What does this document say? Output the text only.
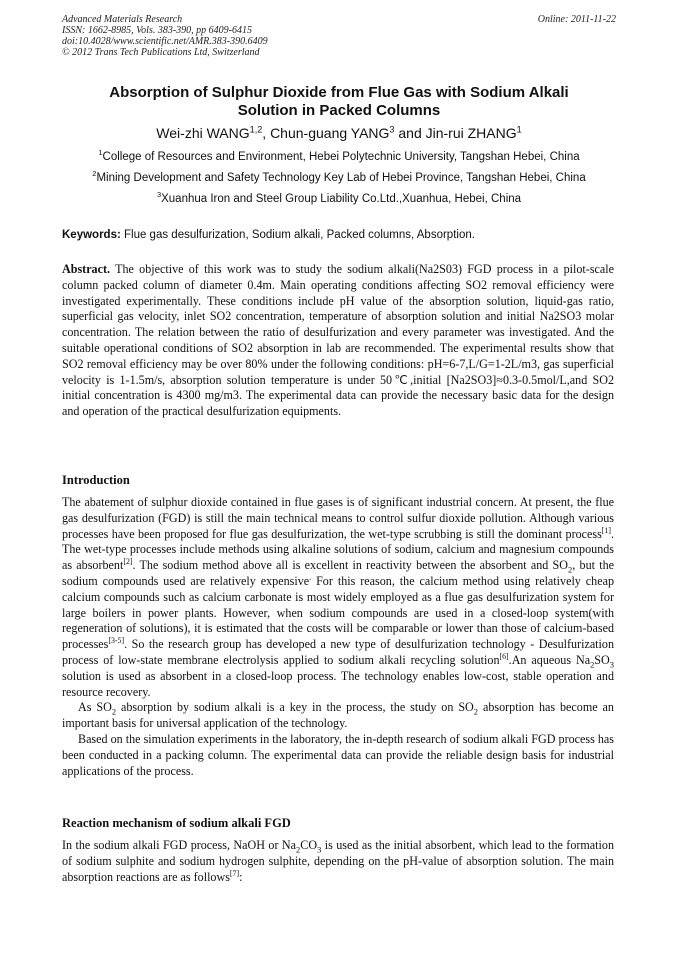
Advanced Materials Research
ISSN: 1662-8985, Vols. 383-390, pp 6409-6415
doi:10.4028/www.scientific.net/AMR.383-390.6409
© 2012 Trans Tech Publications Ltd, Switzerland
Online: 2011-11-22
Absorption of Sulphur Dioxide from Flue Gas with Sodium Alkali
Solution in Packed Columns
Wei-zhi WANG$^{1,2}$, Chun-guang YANG$^3$ and Jin-rui ZHANG$^1$
$^1$College of Resources and Environment, Hebei Polytechnic University, Tangshan Hebei, China
$^2$Mining Development and Safety Technology Key Lab of Hebei Province, Tangshan Hebei, China
$^3$Xuanhua Iron and Steel Group Liability Co.Ltd.,Xuanhua, Hebei, China
Keywords: Flue gas desulfurization, Sodium alkali, Packed columns, Absorption.
Abstract. The objective of this work was to study the sodium alkali(Na2S03) FGD process in a pilot-scale column packed column of diameter 0.4m. Main operating conditions affecting SO2 removal efficiency were investigated experimentally. These conditions include pH value of the absorption solution, liquid-gas ratio, superficial gas velocity, inlet SO2 concentration, temperature of absorption solution and initial Na2SO3 molar concentration. The relation between the ratio of desulfurization and every parameter was investigated. And the suitable operational conditions of SO2 absorption in lab are recommended. The experimental results show that SO2 removal efficiency may be over 80% under the following conditions: pH=6-7,L/G=1-2L/m3, gas superficial velocity is 1-1.5m/s, absorption solution temperature is under 50℃,initial [Na2SO3]≈0.3-0.5mol/L,and SO2 initial concentration is 4300 mg/m3. The experimental data can provide the necessary basic data for the design and operation of the practical desulfurization equipments.
Introduction

The abatement of sulphur dioxide contained in flue gases is of significant industrial concern. At present, the flue gas desulfurization (FGD) is still the main technical means to control sulfur dioxide pollution. Although various processes have been proposed for flue gas desulfurization, the wet-type scrubbing is still the dominant process[1]. The wet-type processes include methods using alkaline solutions of sodium, calcium and magnesium compounds as absorbent[2]. The sodium method above all is excellent in reactivity between the absorbent and $SO_2$, but the sodium compounds used are relatively expensive. For this reason, the calcium method using relatively cheap calcium compounds such as calcium carbonate is most widely employed as a flue gas desulfurization system for large boilers in power plants. However, when sodium compounds are used in a closed-loop system(with regeneration of solutions), it is estimated that the costs will be comparable or lower than those of calcium-based processes[3-5]. So the research group has developed a new type of desulfurization technology - Desulfurization process of low-state membrane electrolysis applied to sodium alkali recycling solution[6].An aqueous $Na_2SO_3$ solution is used as absorbent in a closed-loop process. The technology enables low-cost, stable operation and resource recovery.

As $SO_2$ absorption by sodium alkali is a key in the process, the study on $SO_2$ absorption has become an important basis for universal application of the technology.

Based on the simulation experiments in the laboratory, the in-depth research of sodium alkali FGD process has been conducted in a packing column. The experimental data can provide the reliable design basis for industrial applications of the process.

Reaction mechanism of sodium alkali FGD
In the sodium alkali FGD process, NaOH or $Na_2CO_3$ is used as the initial absorbent, which lead to the formation of sodium sulphite and sodium hydrogen sulphite, depending on the pH-value of absorption solution. The main absorption reactions are as follows[7]:
